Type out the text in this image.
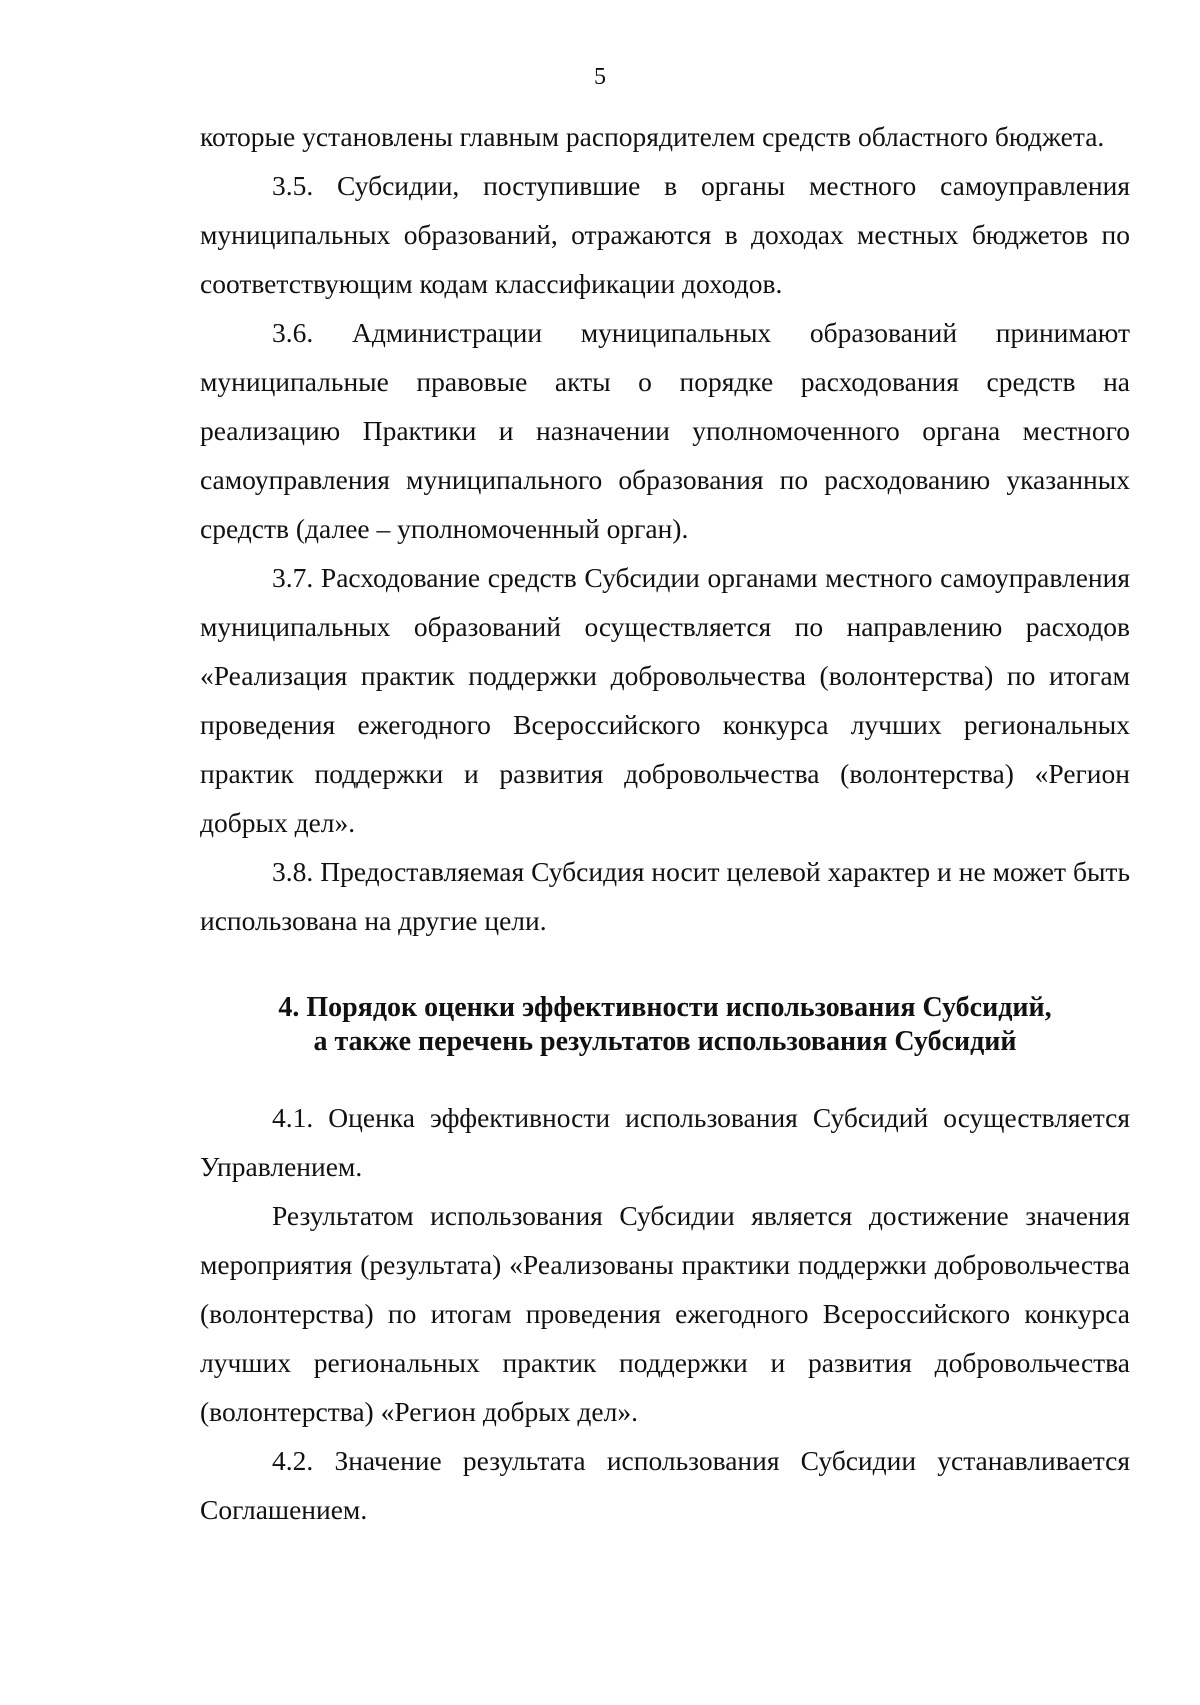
5

которые установлены главным распорядителем средств областного бюджета.

3.5. Субсидии, поступившие в органы местного самоуправления муниципальных образований, отражаются в доходах местных бюджетов по соответствующим кодам классификации доходов.

3.6. Администрации муниципальных образований принимают муниципальные правовые акты о порядке расходования средств на реализацию Практики и назначении уполномоченного органа местного самоуправления муниципального образования по расходованию указанных средств (далее – уполномоченный орган).

3.7. Расходование средств Субсидии органами местного самоуправления муниципальных образований осуществляется по направлению расходов «Реализация практик поддержки добровольчества (волонтерства) по итогам проведения ежегодного Всероссийского конкурса лучших региональных практик поддержки и развития добровольчества (волонтерства) «Регион добрых дел».

3.8. Предоставляемая Субсидия носит целевой характер и не может быть использована на другие цели.

4. Порядок оценки эффективности использования Субсидий,
а также перечень результатов использования Субсидий

4.1. Оценка эффективности использования Субсидий осуществляется Управлением.

Результатом использования Субсидии является достижение значения мероприятия (результата) «Реализованы практики поддержки добровольчества (волонтерства) по итогам проведения ежегодного Всероссийского конкурса лучших региональных практик поддержки и развития добровольчества (волонтерства) «Регион добрых дел».

4.2. Значение результата использования Субсидии устанавливается Соглашением.
